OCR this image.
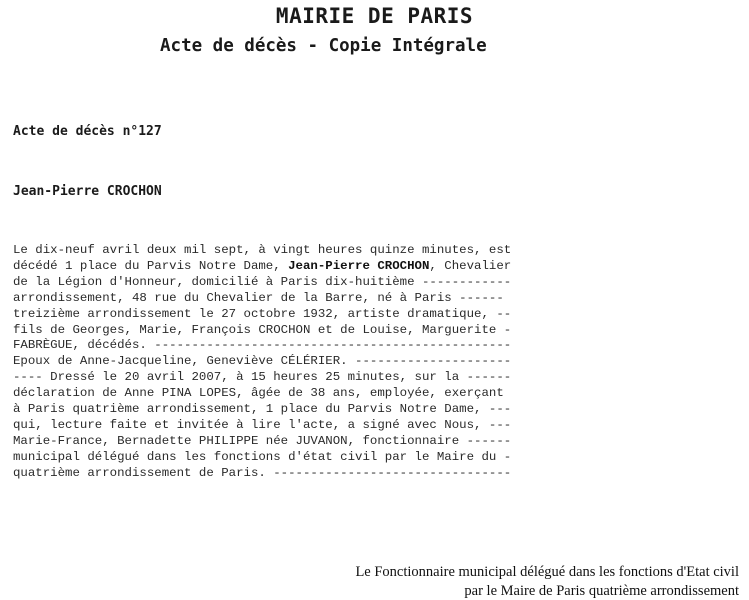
MAIRIE DE PARIS
Acte de décès - Copie Intégrale
Acte de décès n°127
Jean-Pierre CROCHON
Le dix-neuf avril deux mil sept, à vingt heures quinze minutes, est
décédé 1 place du Parvis Notre Dame, Jean-Pierre CROCHON, Chevalier
de la Légion d'Honneur, domicilié à Paris dix-huitième ------------
arrondissement, 48 rue du Chevalier de la Barre, né à Paris ------
treizième arrondissement le 27 octobre 1932, artiste dramatique, --
fils de Georges, Marie, François CROCHON et de Louise, Marguerite -
FABRÈGUE, décédés. ------------------------------------------------
Epoux de Anne-Jacqueline, Geneviève CÉLÉRIER. ---------------------
---- Dressé le 20 avril 2007, à 15 heures 25 minutes, sur la ------
déclaration de Anne PINA LOPES, âgée de 38 ans, employée, exerçant
à Paris quatrième arrondissement, 1 place du Parvis Notre Dame, ---
qui, lecture faite et invitée à lire l'acte, a signé avec Nous, ---
Marie-France, Bernadette PHILIPPE née JUVANON, fonctionnaire ------
municipal délégué dans les fonctions d'état civil par le Maire du -
quatrième arrondissement de Paris. --------------------------------
Le Fonctionnaire municipal délégué dans les fonctions d'Etat civil
par le Maire de Paris quatrième arrondissement
